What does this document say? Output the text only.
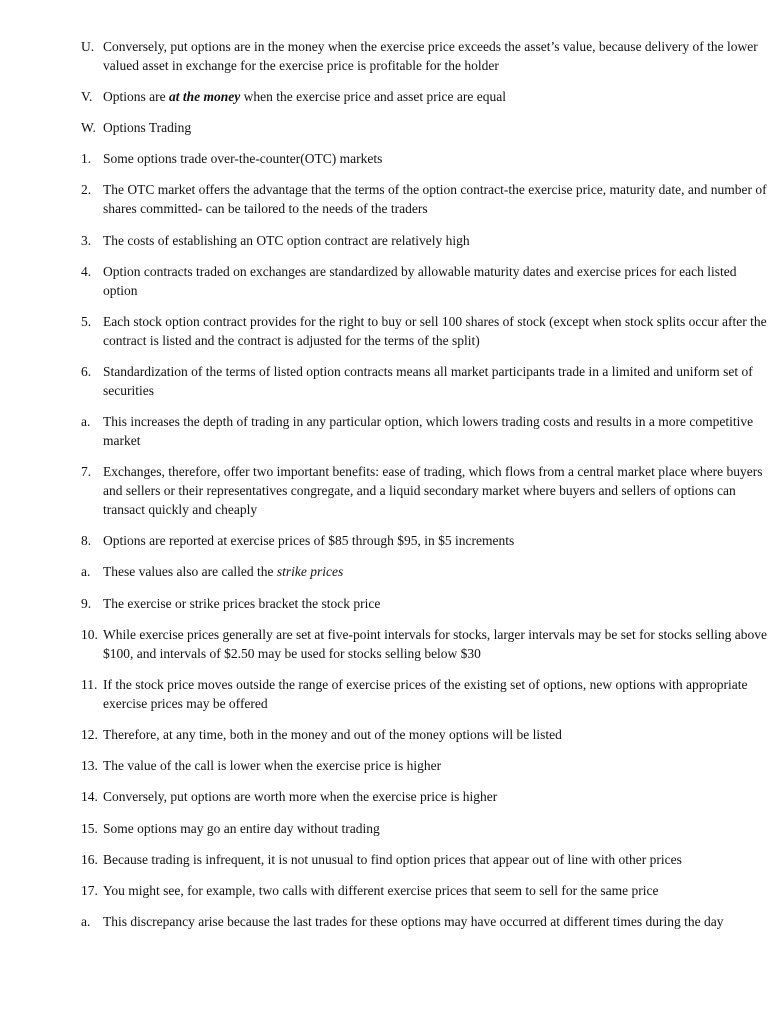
U. Conversely, put options are in the money when the exercise price exceeds the asset’s value, because delivery of the lower valued asset in exchange for the exercise price is profitable for the holder
V. Options are at the money when the exercise price and asset price are equal
W. Options Trading
1. Some options trade over-the-counter(OTC) markets
2. The OTC market offers the advantage that the terms of the option contract-the exercise price, maturity date, and number of shares committed- can be tailored to the needs of the traders
3. The costs of establishing an OTC option contract are relatively high
4. Option contracts traded on exchanges are standardized by allowable maturity dates and exercise prices for each listed option
5. Each stock option contract provides for the right to buy or sell 100 shares of stock (except when stock splits occur after the contract is listed and the contract is adjusted for the terms of the split)
6. Standardization of the terms of listed option contracts means all market participants trade in a limited and uniform set of securities
a. This increases the depth of trading in any particular option, which lowers trading costs and results in a more competitive market
7. Exchanges, therefore, offer two important benefits: ease of trading, which flows from a central market place where buyers and sellers or their representatives congregate, and a liquid secondary market where buyers and sellers of options can transact quickly and cheaply
8. Options are reported at exercise prices of $85 through $95, in $5 increments
a. These values also are called the strike prices
9. The exercise or strike prices bracket the stock price
10. While exercise prices generally are set at five-point intervals for stocks, larger intervals may be set for stocks selling above $100, and intervals of $2.50 may be used for stocks selling below $30
11. If the stock price moves outside the range of exercise prices of the existing set of options, new options with appropriate exercise prices may be offered
12. Therefore, at any time, both in the money and out of the money options will be listed
13. The value of the call is lower when the exercise price is higher
14. Conversely, put options are worth more when the exercise price is higher
15. Some options may go an entire day without trading
16. Because trading is infrequent, it is not unusual to find option prices that appear out of line with other prices
17. You might see, for example, two calls with different exercise prices that seem to sell for the same price
a. This discrepancy arise because the last trades for these options may have occurred at different times during the day
